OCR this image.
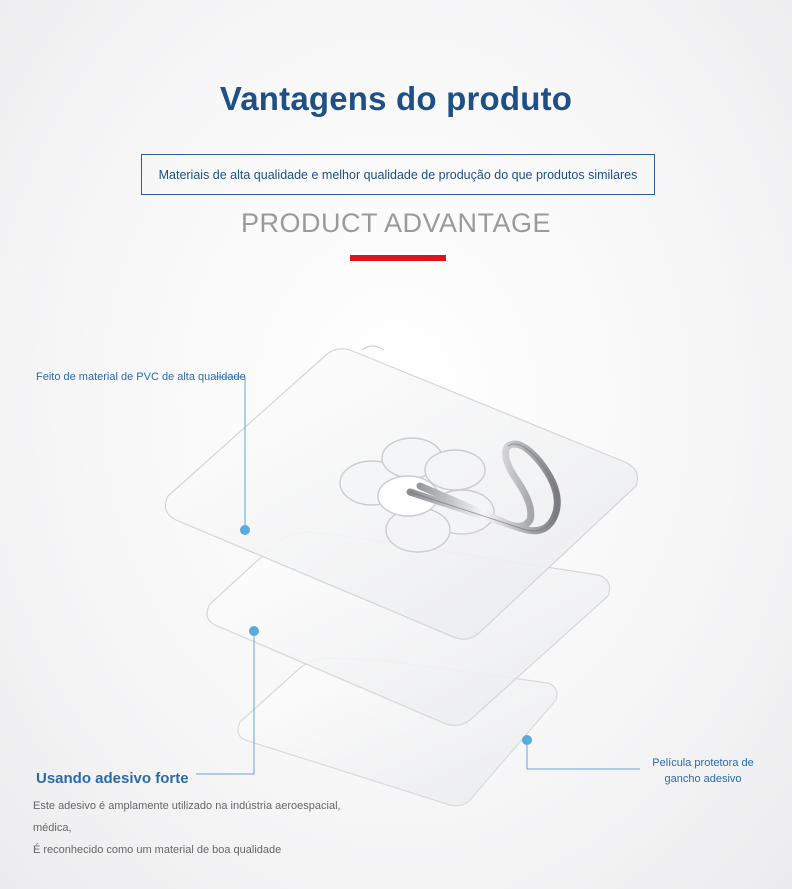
Vantagens do produto
Materiais de alta qualidade e melhor qualidade de produção do que produtos similares
PRODUCT ADVANTAGE
Feito de material de PVC de alta qualidade
Película protetora de gancho adesivo
Usando adesivo forte
Este adesivo é amplamente utilizado na indústria aeroespacial, médica,
É reconhecido como um material de boa qualidade
